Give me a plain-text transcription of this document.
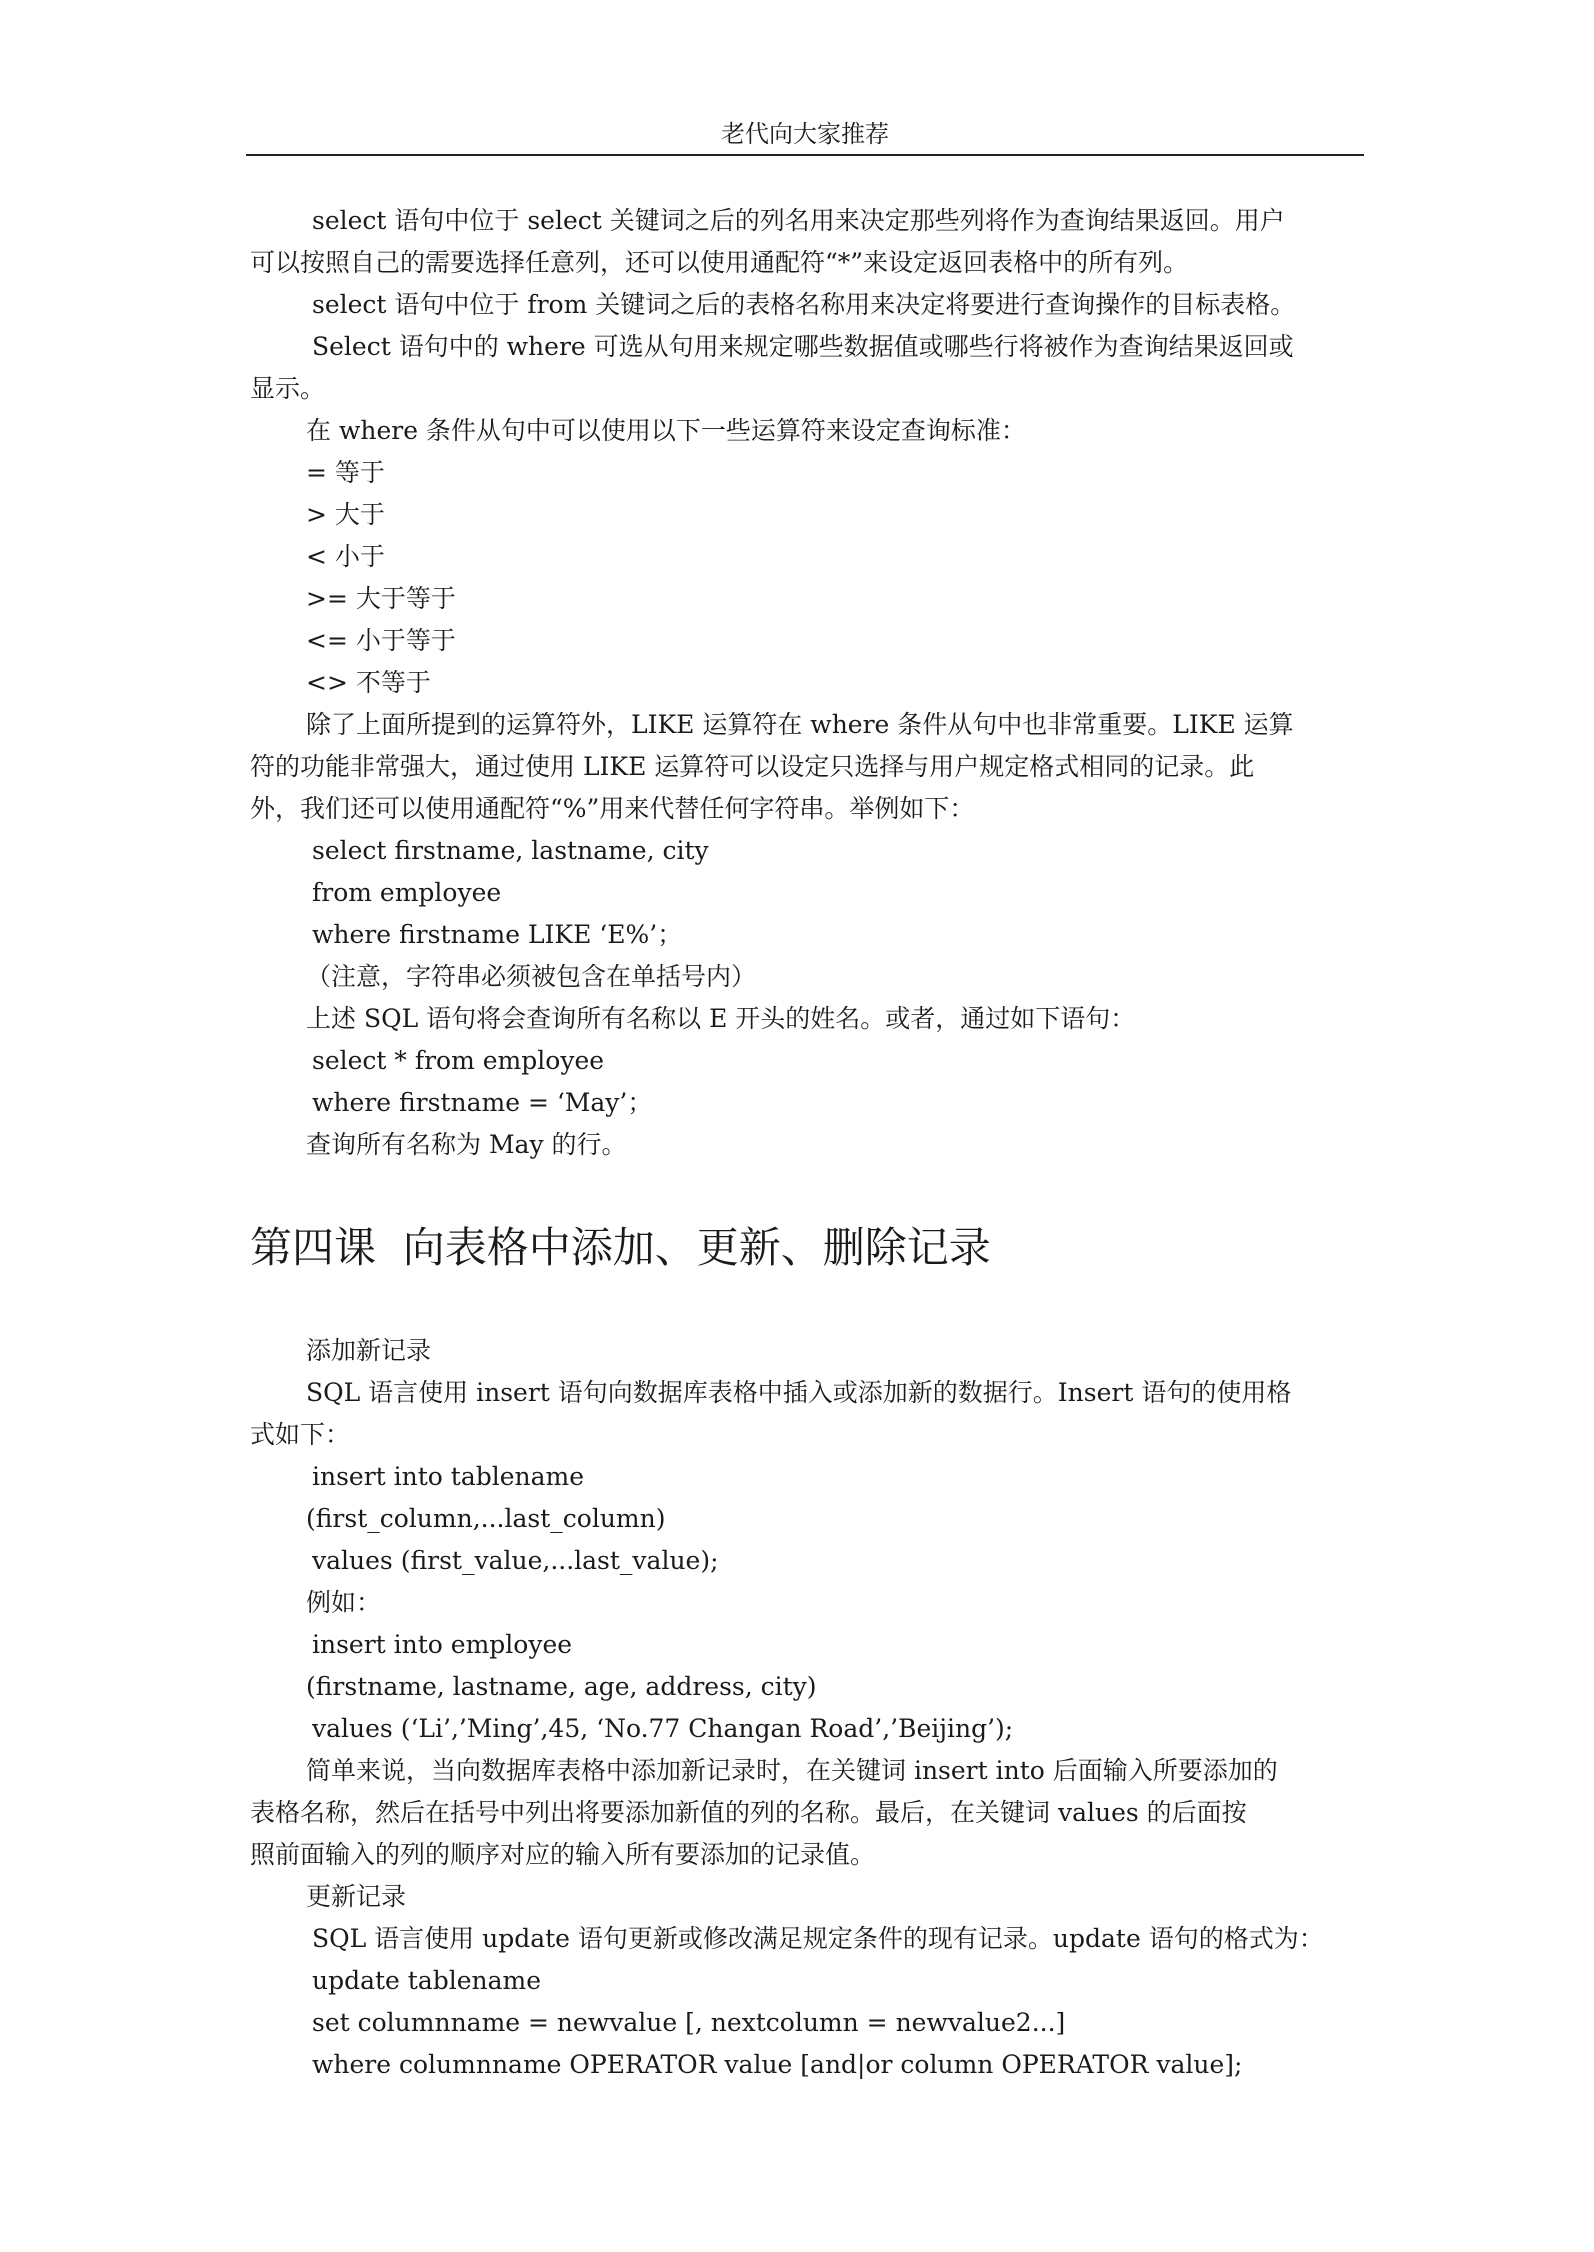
老代向大家推荐

select 语句中位于 select 关键词之后的列名用来决定那些列将作为查询结果返回。用户

可以按照自己的需要选择任意列，还可以使用通配符“*”来设定返回表格中的所有列。

select 语句中位于 from 关键词之后的表格名称用来决定将要进行查询操作的目标表格。

Select 语句中的 where 可选从句用来规定哪些数据值或哪些行将被作为查询结果返回或

显示。

在 where 条件从句中可以使用以下一些运算符来设定查询标准：

= 等于

> 大于

< 小于

>= 大于等于

<= 小于等于

<> 不等于

除了上面所提到的运算符外，LIKE 运算符在 where 条件从句中也非常重要。LIKE 运算

符的功能非常强大，通过使用 LIKE 运算符可以设定只选择与用户规定格式相同的记录。此

外，我们还可以使用通配符“%”用来代替任何字符串。举例如下：

select firstname, lastname, city

from employee

where firstname LIKE ‘E%’；

（注意，字符串必须被包含在单括号内）

上述 SQL 语句将会查询所有名称以 E 开头的姓名。或者，通过如下语句：

select * from employee

where firstname = ‘May’；

查询所有名称为 May 的行。

第四课  向表格中添加、更新、删除记录

添加新记录

SQL 语言使用 insert 语句向数据库表格中插入或添加新的数据行。Insert 语句的使用格

式如下：

insert into tablename

(first_column,...last_column)

values (first_value,...last_value);

例如：

insert into employee

(firstname, lastname, age, address, city)

values (‘Li’,’Ming’,45, ‘No.77 Changan Road’,’Beijing’);

简单来说，当向数据库表格中添加新记录时，在关键词 insert into 后面输入所要添加的

表格名称，然后在括号中列出将要添加新值的列的名称。最后，在关键词 values 的后面按

照前面输入的列的顺序对应的输入所有要添加的记录值。

更新记录

SQL 语言使用 update 语句更新或修改满足规定条件的现有记录。update 语句的格式为：

update tablename

set columnname = newvalue [, nextcolumn = newvalue2...]

where columnname OPERATOR value [and|or column OPERATOR value];
